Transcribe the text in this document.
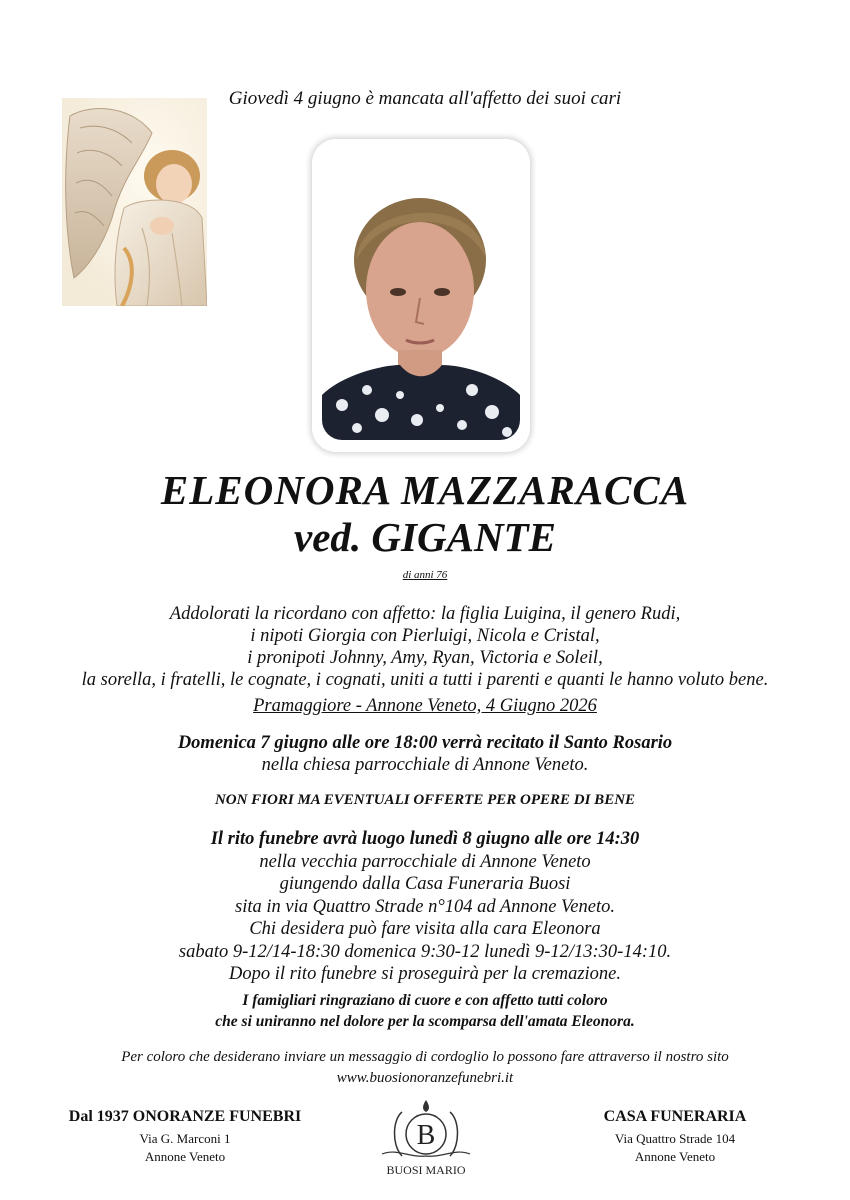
Giovedì 4 giugno è mancata all'affetto dei suoi cari
ELEONORA MAZZARACCA
ved. GIGANTE
di anni 76
Addolorati la ricordano con affetto: la figlia Luigina, il genero Rudi,
i nipoti Giorgia con Pierluigi, Nicola e Cristal,
i pronipoti Johnny, Amy, Ryan, Victoria e Soleil,
la sorella, i fratelli, le cognate, i cognati, uniti a tutti i parenti e quanti le hanno voluto bene.
Pramaggiore - Annone Veneto, 4 Giugno 2026
Domenica 7 giugno alle ore 18:00 verrà recitato il Santo Rosario
nella chiesa parrocchiale di Annone Veneto.
NON FIORI MA EVENTUALI OFFERTE PER OPERE DI BENE
Il rito funebre avrà luogo lunedì 8 giugno alle ore 14:30
nella vecchia parrocchiale di Annone Veneto
giungendo dalla Casa Funeraria Buosi
sita in via Quattro Strade n°104 ad Annone Veneto.
Chi desidera può fare visita alla cara Eleonora
sabato 9-12/14-18:30 domenica 9:30-12 lunedì 9-12/13:30-14:10.
Dopo il rito funebre si proseguirà per la cremazione.
I famigliari ringraziano di cuore e con affetto tutti coloro
che si uniranno nel dolore per la scomparsa dell'amata Eleonora.
Per coloro che desiderano inviare un messaggio di cordoglio lo possono fare attraverso il nostro sito
www.buosionoranzefunebri.it
Dal 1937 ONORANZE FUNEBRI
Via G. Marconi 1
Annone Veneto
B
BUOSI MARIO
CASA FUNERARIA
Via Quattro Strade 104
Annone Veneto
